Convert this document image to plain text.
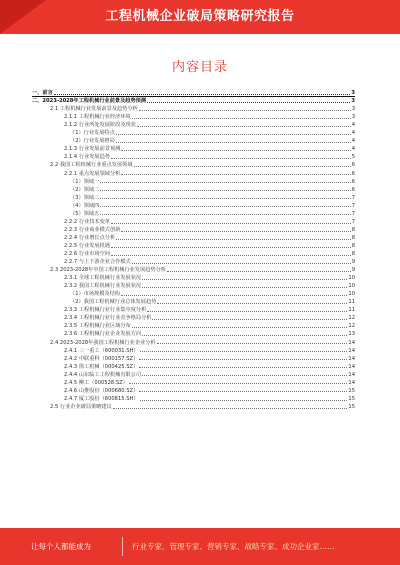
工程机械企业破局策略研究报告
内容目录
一、前言	3
二、2023-2028年工程机械行业前景及趋势预测	3
2.1 工程机械行业发展前景及趋势分析	3
2.1.1 工程机械行业经济环境	3
2.1.2 行业所处发展阶段及现状	4
（1）行业发展特点	4
（2）行业发展格局	4
2.1.3 行业发展前景预测	4
2.1.4 行业发展趋势	5
2.2 我国工程机械行业重点发展领域	6
2.2.1 重点发展领域分析	6
（1）领域一	6
（2）领域二	6
（3）领域三	7
（4）领域四	7
（5）领域五	7
2.2.2 行业技术变革	7
2.2.3 行业商业模式创新	8
2.2.4 行业增长点分析	8
2.2.5 行业发展机遇	8
2.2.6 行业市场空间	8
2.2.7 与上下游企业合作模式	9
2.3 2023-2028年中国工程机械行业发展趋势分析	9
2.3.1 全球工程机械行业发展状况	10
2.3.2 我国工程机械行业发展状况	10
（1）市场规模及结构	10
（2）我国工程机械行业总体发展趋势	11
2.3.3 工程机械行业行业集中度分析	11
2.3.4 工程机械行业行业竞争格局分析	12
2.3.5 工程机械行业区域分布	12
2.3.6 工程机械行业企业发展方向	13
2.4 2023-2028年我国工程机械行业企业分析	14
2.4.1 三一重工（600031.SH）	14
2.4.2 中联重科（000157.SZ）	14
2.4.3 徐工机械（000425.SZ）	14
2.4.4 山东临工工程机械有限公司	14
2.4.5 柳工（000528.SZ）	14
2.4.6 山推股份（000680.SZ）	15
2.4.7 厦工股份（600815.SH）	15
2.5 行业企业破局策略建议	15
让每个人都能成为	行业专家、管理专家、营销专家、战略专家、成功企业家……
